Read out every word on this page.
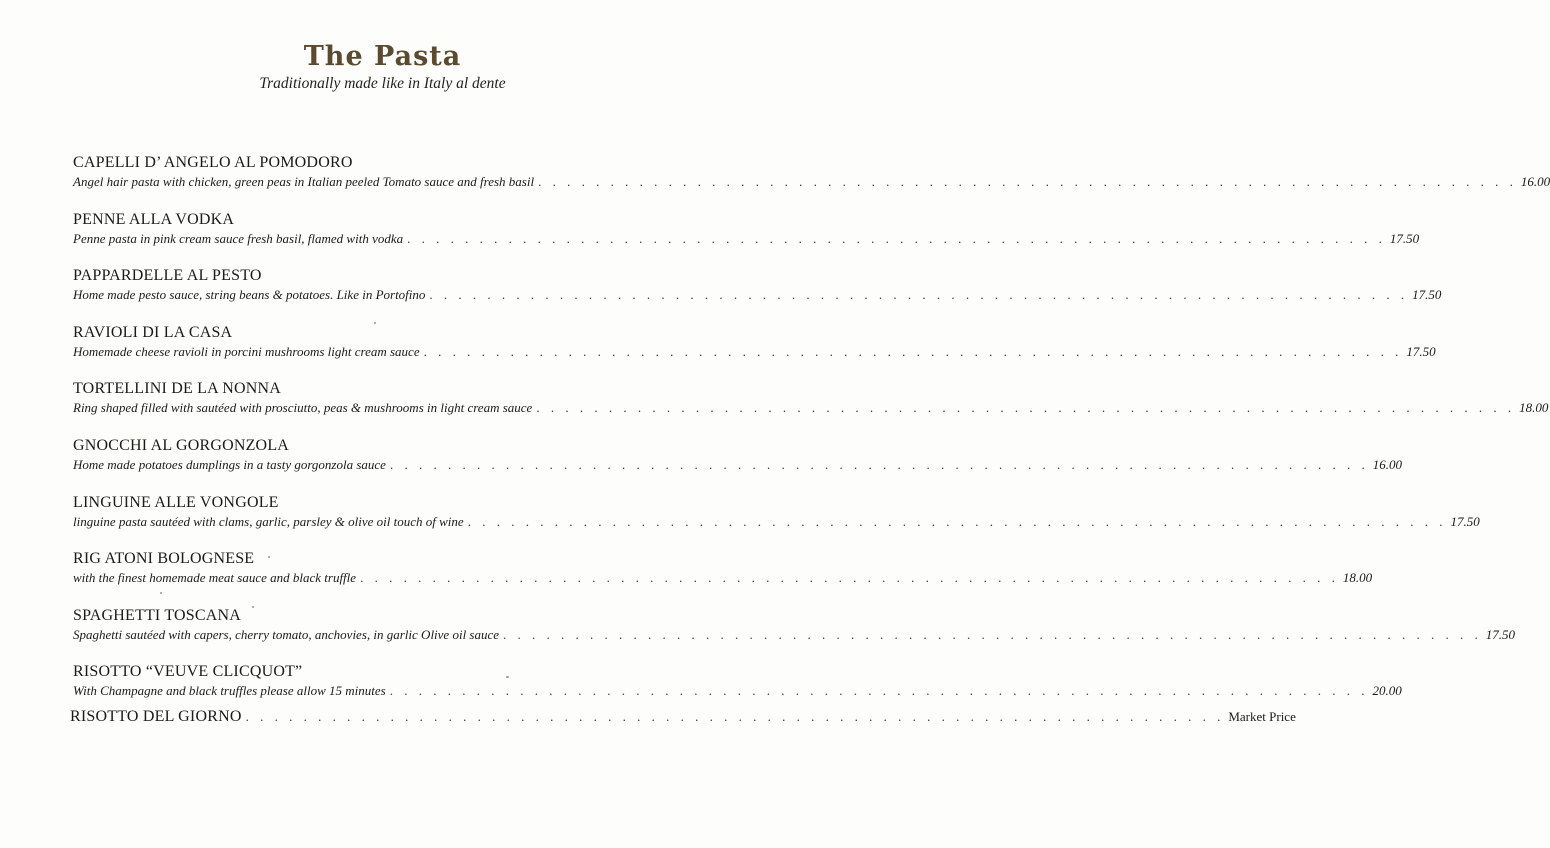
The Pasta
Traditionally made like in Italy al dente
CAPELLI D’ ANGELO AL POMODORO
Angel hair pasta with chicken, green peas in Italian peeled Tomato sauce and fresh basil . . . . . . . . . . . . . . . . . . . . . . . . . . . . . . . . . . . . . . . . . . . . . . . . . . . . . . . . . . . . . . . . . . . . 16.00
PENNE ALLA VODKA
Penne pasta in pink cream sauce fresh basil, flamed with vodka . . . . . . . . . . . . . . . . . . . . . . . . . . . . . . . . . . . . . . . . . . . . . . . . . . . . . . . . . . . . . . . . . . . . 17.50
PAPPARDELLE AL PESTO
Home made pesto sauce, string beans & potatoes. Like in Portofino . . . . . . . . . . . . . . . . . . . . . . . . . . . . . . . . . . . . . . . . . . . . . . . . . . . . . . . . . . . . . . . . . . . . 17.50
RAVIOLI DI LA CASA
Homemade cheese ravioli in porcini mushrooms light cream sauce . . . . . . . . . . . . . . . . . . . . . . . . . . . . . . . . . . . . . . . . . . . . . . . . . . . . . . . . . . . . . . . . . . . . 17.50
TORTELLINI DE LA NONNA
Ring shaped filled with sautéed with prosciutto, peas & mushrooms in light cream sauce . . . . . . . . . . . . . . . . . . . . . . . . . . . . . . . . . . . . . . . . . . . . . . . . . . . . . . . . . . . . . . . . . . . . 18.00
GNOCCHI AL GORGONZOLA
Home made potatoes dumplings in a tasty gorgonzola sauce . . . . . . . . . . . . . . . . . . . . . . . . . . . . . . . . . . . . . . . . . . . . . . . . . . . . . . . . . . . . . . . . . . . . 16.00
LINGUINE ALLE VONGOLE
linguine pasta sautéed with clams, garlic, parsley & olive oil touch of wine . . . . . . . . . . . . . . . . . . . . . . . . . . . . . . . . . . . . . . . . . . . . . . . . . . . . . . . . . . . . . . . . . . . . 17.50
RIG ATONI BOLOGNESE
with the finest homemade meat sauce and black truffle . . . . . . . . . . . . . . . . . . . . . . . . . . . . . . . . . . . . . . . . . . . . . . . . . . . . . . . . . . . . . . . . . . . . 18.00
SPAGHETTI TOSCANA
Spaghetti sautéed with capers, cherry tomato, anchovies, in garlic Olive oil sauce . . . . . . . . . . . . . . . . . . . . . . . . . . . . . . . . . . . . . . . . . . . . . . . . . . . . . . . . . . . . . . . . . . . . 17.50
RISOTTO “VEUVE CLICQUOT”
With Champagne and black truffles please allow 15 minutes . . . . . . . . . . . . . . . . . . . . . . . . . . . . . . . . . . . . . . . . . . . . . . . . . . . . . . . . . . . . . . . . . . . . 20.00
RISOTTO DEL GIORNO . . . . . . . . . . . . . . . . . . . . . . . . . . . . . . . . . . . . . . . . . . . . . . . . . . . . . . . . . . . . . . . . . . . . Market Price
